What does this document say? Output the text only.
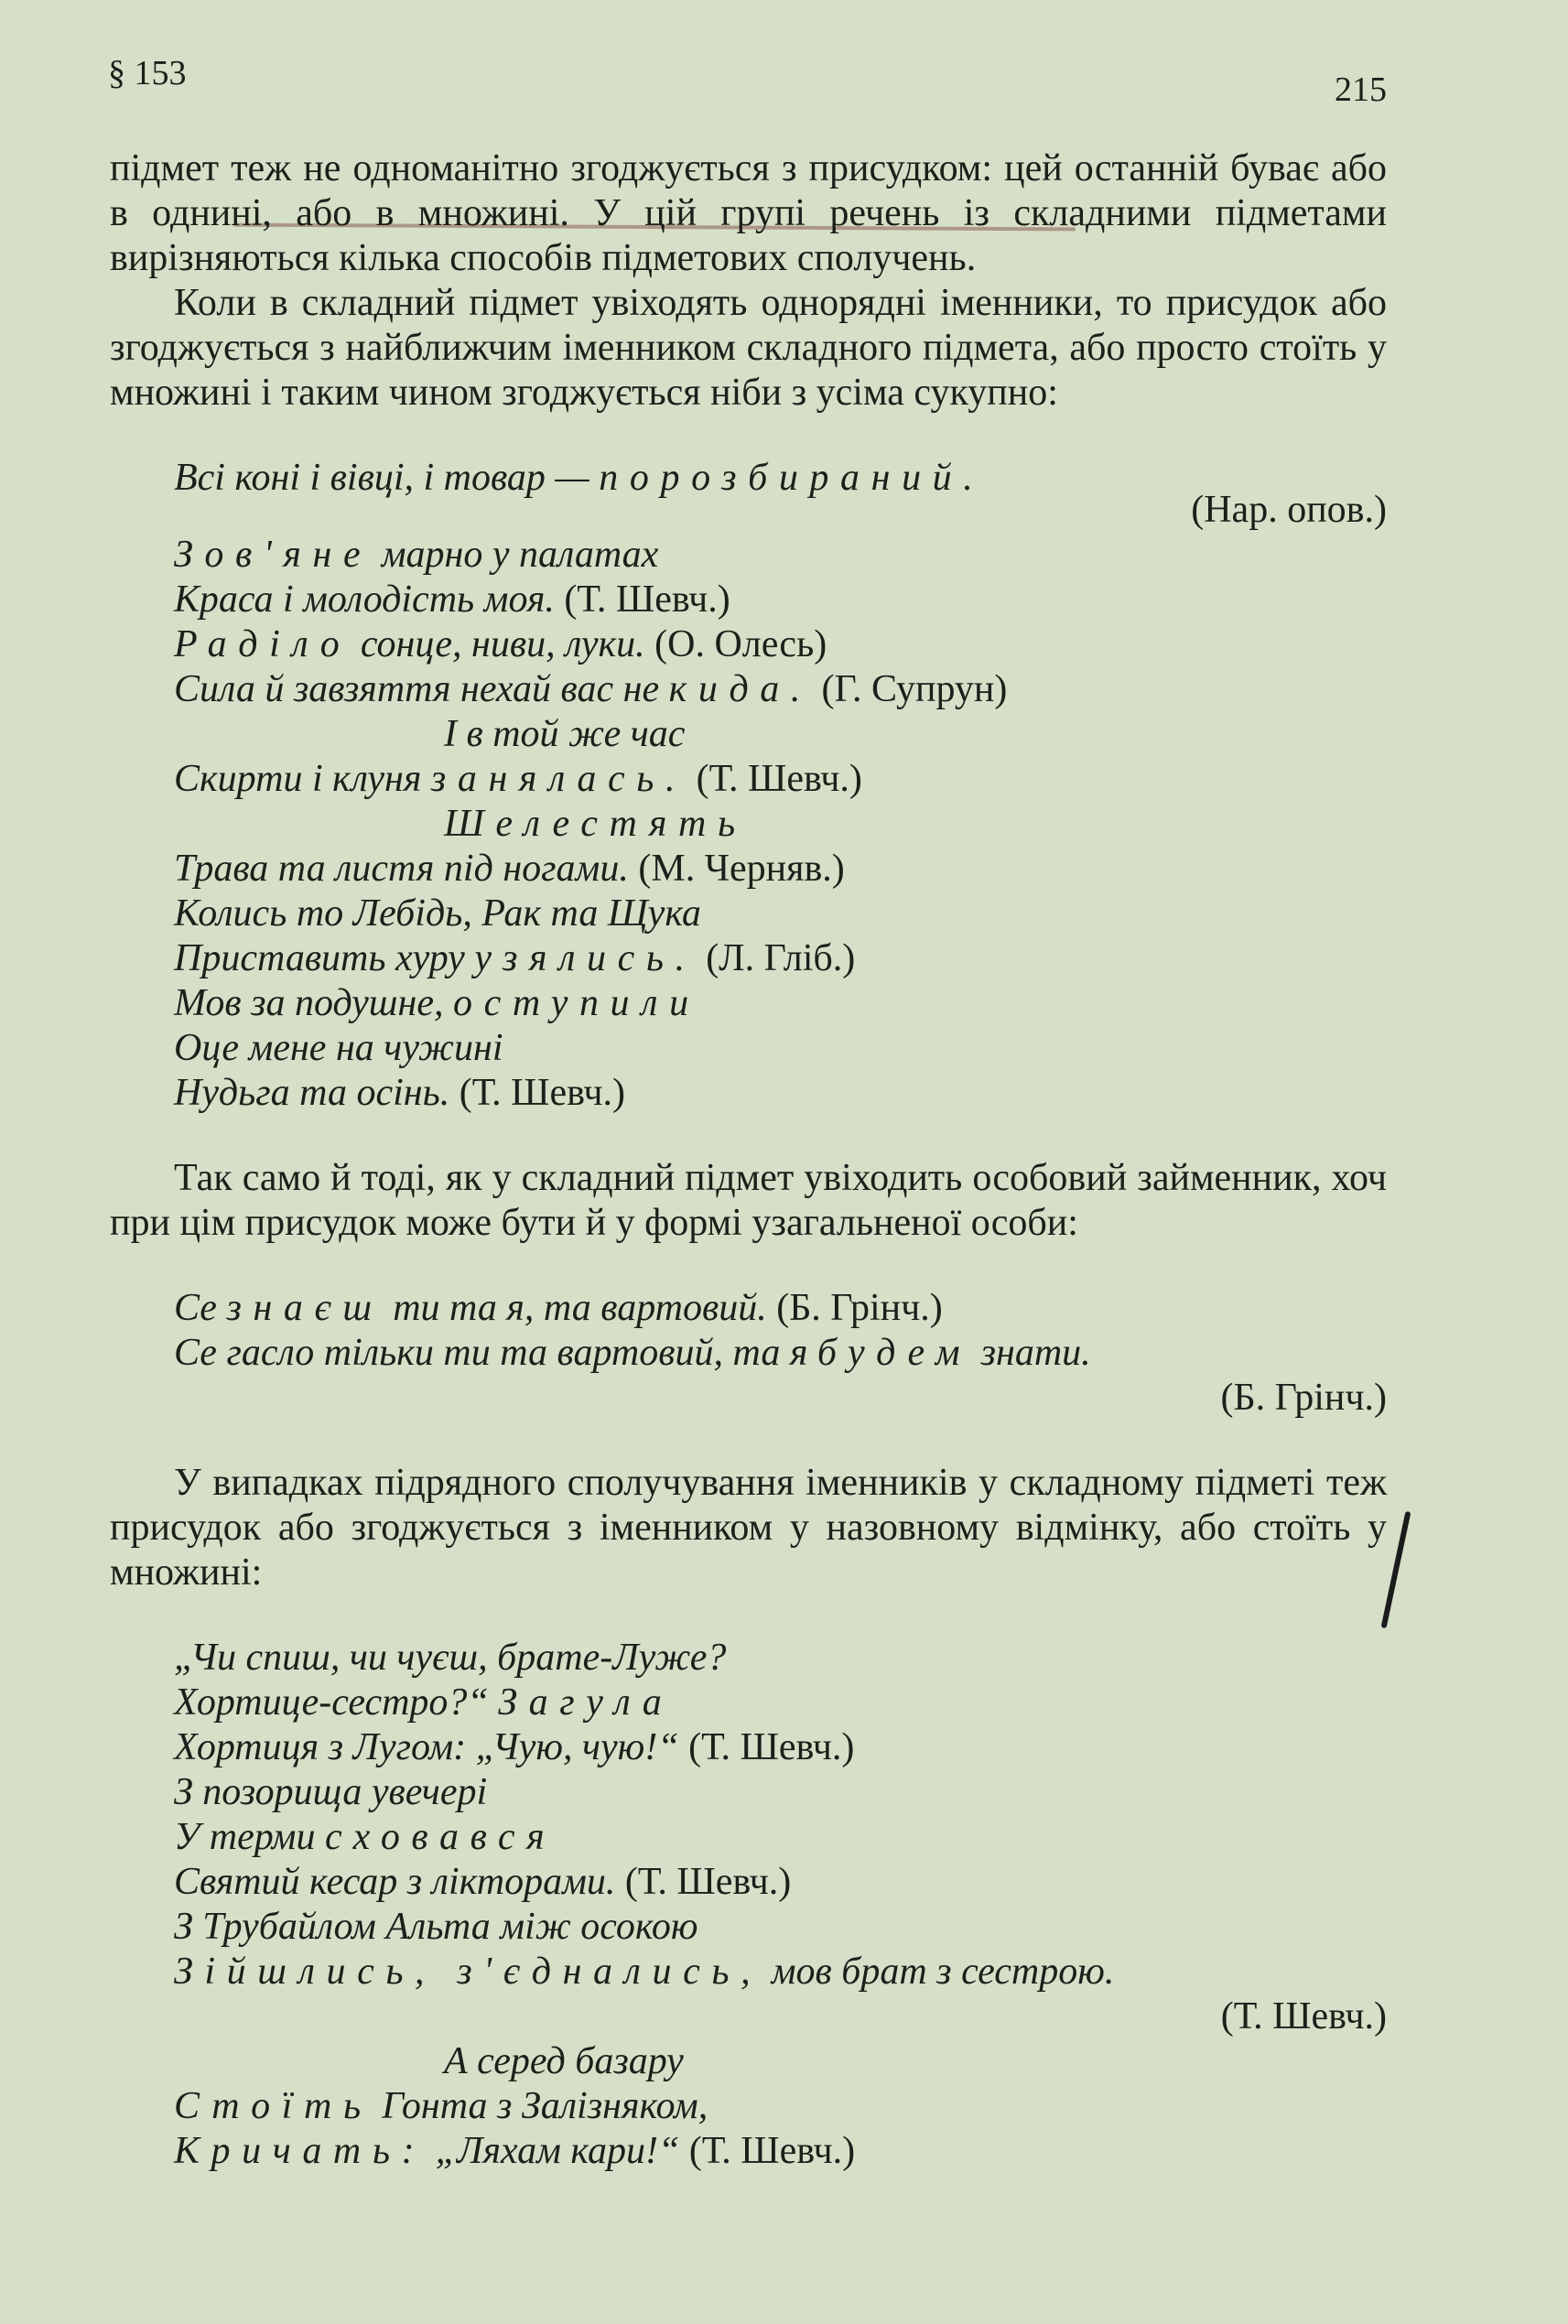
§ 153	215

підмет теж не одноманітно згоджується з присудком: цей останній буває або в однині, або в множині. У цій групі речень із складними підметами вирізняються кілька способів підметових сполучень.

Коли в складний підмет увіходять однорядні іменники, то присудок або згоджується з найближчим іменником складного підмета, або просто стоїть у множині і таким чином згоджується ніби з усіма сукупно:

Всі коні і вівці, і товар — порозбираний.
(Нар. опов.)
Зов'яне марно у палатах
Краса і молодість моя. (Т. Шевч.)
Раділо сонце, ниви, луки. (О. Олесь)
Сила й завзяття нехай вас не кида. (Г. Супрун)
І в той же час
Скирти і клуня занялась. (Т. Шевч.)
Шелестять
Трава та листя під ногами. (М. Черняв.)
Колись то Лебідь, Рак та Щука
Приставить хуру узялись. (Л. Гліб.)
Мов за подушне, оступили
Оце мене на чужині
Нудьга та осінь. (Т. Шевч.)

Так само й тоді, як у складний підмет увіходить особовий займенник, хоч при цім присудок може бути й у формі узагальненої особи:

Се знаєш ти та я, та вартовий. (Б. Грінч.)
Се гасло тільки ти та вартовий, та я будем знати.
(Б. Грінч.)

У випадках підрядного сполучування іменників у складному підметі теж присудок або згоджується з іменником у назовному відмінку, або стоїть у множині:

„Чи спиш, чи чуєш, брате-Луже?
Хортице-сестро?“ Загула
Хортиця з Лугом: „Чую, чую!“ (Т. Шевч.)
З позорища увечері
У терми сховався
Святий кесар з лікторами. (Т. Шевч.)
З Трубайлом Альта між осокою
Зійшлись, з'єднались, мов брат з сестрою.
(Т. Шевч.)
А серед базару
Стоїть Гонта з Залізняком,
Кричать: „Ляхам кари!“ (Т. Шевч.)
